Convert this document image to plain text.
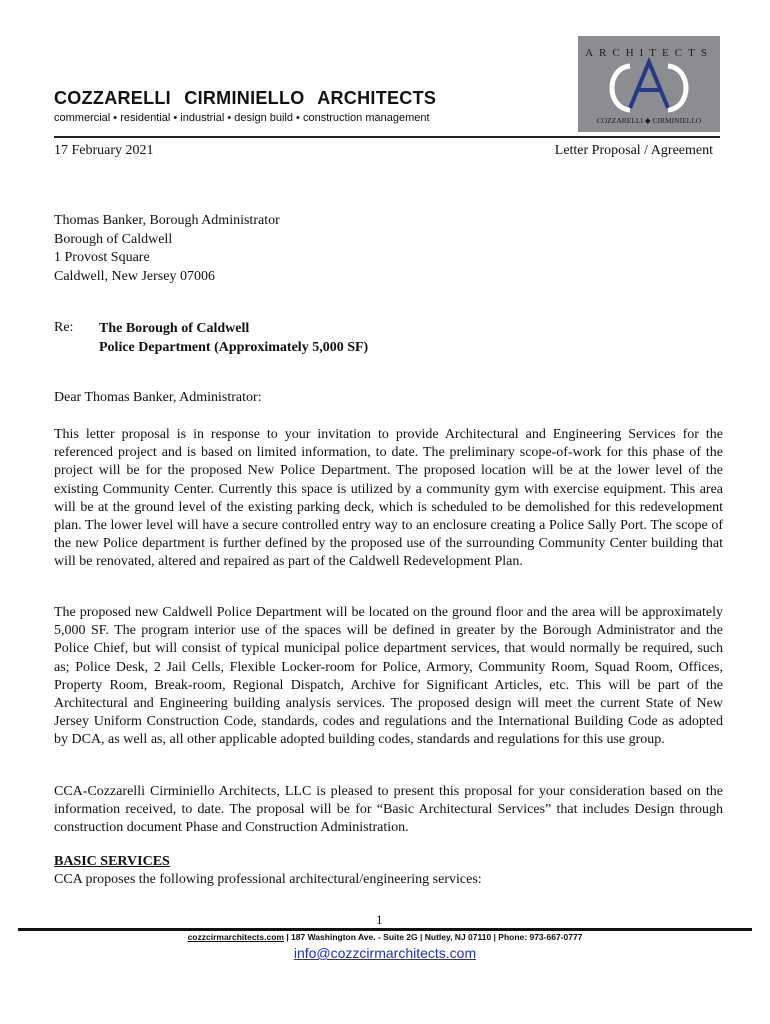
COZZARELLI CIRMINIELLO ARCHITECTS
commercial • residential • industrial • design build • construction management
ARCHITECTS
COZZARELLI ◆ CIRMINIELLO
17 February 2021	Letter Proposal / Agreement
Thomas Banker, Borough Administrator
Borough of Caldwell
1 Provost Square
Caldwell, New Jersey 07006
Re: The Borough of Caldwell
Police Department (Approximately 5,000 SF)
Dear Thomas Banker, Administrator:

This letter proposal is in response to your invitation to provide Architectural and Engineering Services for the referenced project and is based on limited information, to date. The preliminary scope-of-work for this phase of the project will be for the proposed New Police Department. The proposed location will be at the lower level of the existing Community Center. Currently this space is utilized by a community gym with exercise equipment. This area will be at the ground level of the existing parking deck, which is scheduled to be demolished for this redevelopment plan. The lower level will have a secure controlled entry way to an enclosure creating a Police Sally Port. The scope of the new Police department is further defined by the proposed use of the surrounding Community Center building that will be renovated, altered and repaired as part of the Caldwell Redevelopment Plan.

The proposed new Caldwell Police Department will be located on the ground floor and the area will be approximately 5,000 SF. The program interior use of the spaces will be defined in greater by the Borough Administrator and the Police Chief, but will consist of typical municipal police department services, that would normally be required, such as; Police Desk, 2 Jail Cells, Flexible Locker-room for Police, Armory, Community Room, Squad Room, Offices, Property Room, Break-room, Regional Dispatch, Archive for Significant Articles, etc. This will be part of the Architectural and Engineering building analysis services. The proposed design will meet the current State of New Jersey Uniform Construction Code, standards, codes and regulations and the International Building Code as adopted by DCA, as well as, all other applicable adopted building codes, standards and regulations for this use group.

CCA-Cozzarelli Cirminiello Architects, LLC is pleased to present this proposal for your consideration based on the information received, to date. The proposal will be for “Basic Architectural Services” that includes Design through construction document Phase and Construction Administration.

BASIC SERVICES
CCA proposes the following professional architectural/engineering services:
1
cozzcirmarchitects.com | 187 Washington Ave. - Suite 2G | Nutley, NJ 07110 | Phone: 973-667-0777
info@cozzcirmarchitects.com
